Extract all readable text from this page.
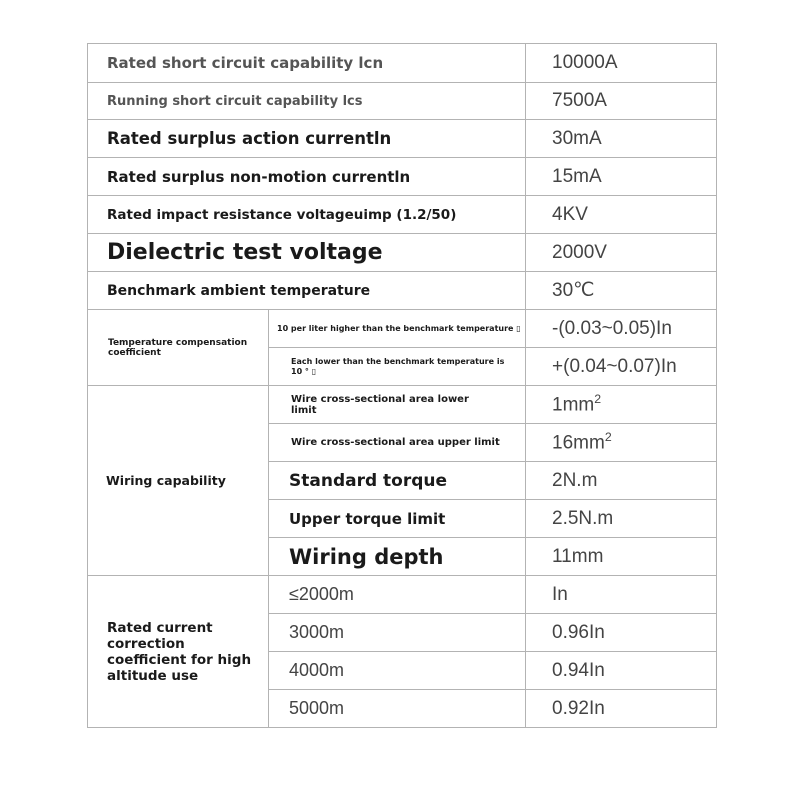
Rated short circuit capability lcn		10000A
Running short circuit capability lcs		7500A
Rated surplus action currentln		30mA
Rated surplus non-motion currentln		15mA
Rated impact resistance voltageuimp (1.2/50)		4KV
Dielectric test voltage		2000V
Benchmark ambient temperature		30℃
Temperature compensation coefficient	10 per liter higher than the benchmark temperature ▯	-(0.03~0.05)In
	Each lower than the benchmark temperature is 10 ° ▯	+(0.04~0.07)In
Wiring capability	Wire cross-sectional area lower limit	$1mm^2$
	Wire cross-sectional area upper limit	$16mm^2$
	Standard torque	2N.m
	Upper torque limit	2.5N.m
	Wiring depth	11mm
Rated current correction coefficient for high altitude use	≤2000m	In
	3000m	0.96In
	4000m	0.94In
	5000m	0.92In
